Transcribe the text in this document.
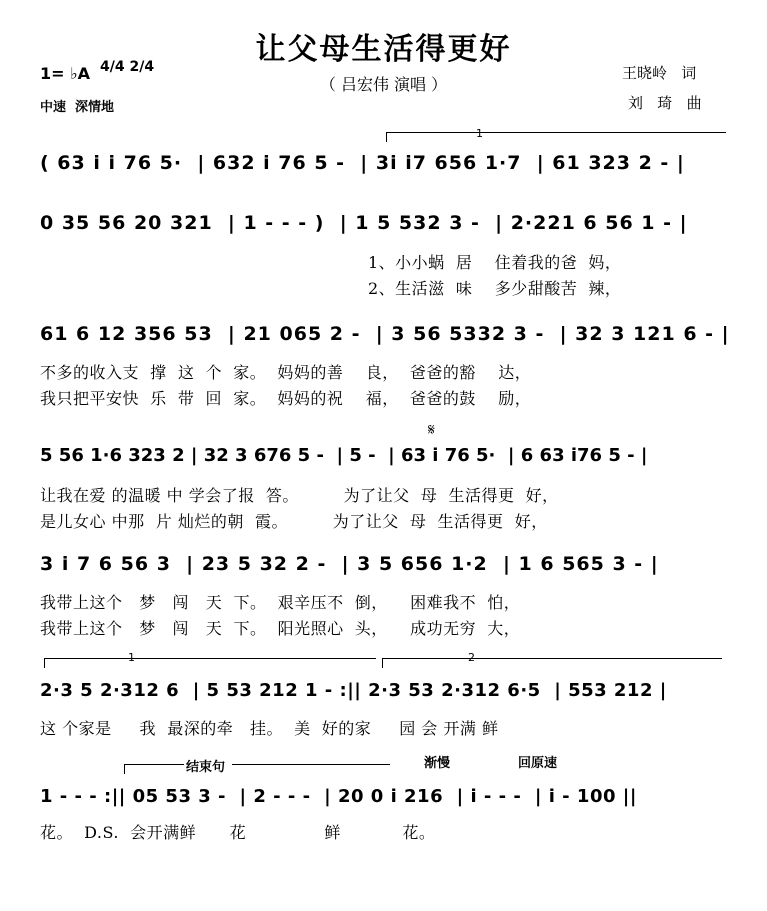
让父母生活得更好
（ 吕宏伟 演唱 ）
1= ♭A 4/4 2/4
中速  深情地
王晓岭   词
刘   琦   曲
1
( 63 i i 76 5·  | 632 i 76 5 -  | 3i i7 656 1·7  | 61 323 2 - |
0 35 56 20 321  | 1 - - - )  | 1 5 532 3 -  | 2·221 6 56 1 - |
1、小小蜗  居    住着我的爸  妈，
2、生活滋  味    多少甜酸苦  辣，
61 6 12 356 53  | 21 065 2 -  | 3 56 5332 3 -  | 32 3 121 6 - |
不多的收入支  撑  这  个  家。  妈妈的善    良，  爸爸的豁    达，
我只把平安快  乐  带  回  家。  妈妈的祝    福，  爸爸的鼓    励，
𝄋
5 56 1·6 323 2 | 32 3 676 5 -  | 5 -  | 63 i 76 5·  | 6 63 i76 5 - |
让我在爱 的温暖 中 学会了报  答。        为了让父  母  生活得更  好，
是儿女心 中那  片 灿烂的朝  霞。        为了让父  母  生活得更  好，
3 i 7 6 56 3  | 23 5 32 2 -  | 3 5 656 1·2  | 1 6 565 3 - |
我带上这个   梦   闯   天  下。  艰辛压不  倒，    困难我不  怕，
我带上这个   梦   闯   天  下。  阳光照心  头，    成功无穷  大，
1	2
2·3 5 2·312 6  | 5 53 212 1 - :|| 2·3 53 2·312 6·5  | 553 212 |
这 个家是     我  最深的牵   挂。  美  好的家     园 会 开满 鲜
结束句	渐慢	回原速
1 - - - :|| 05 53 3 -  | 2 - - -  | 20 0 i 216  | i - - -  | i - 100 ||
花。  D.S.  会开满鲜      花              鲜           花。
